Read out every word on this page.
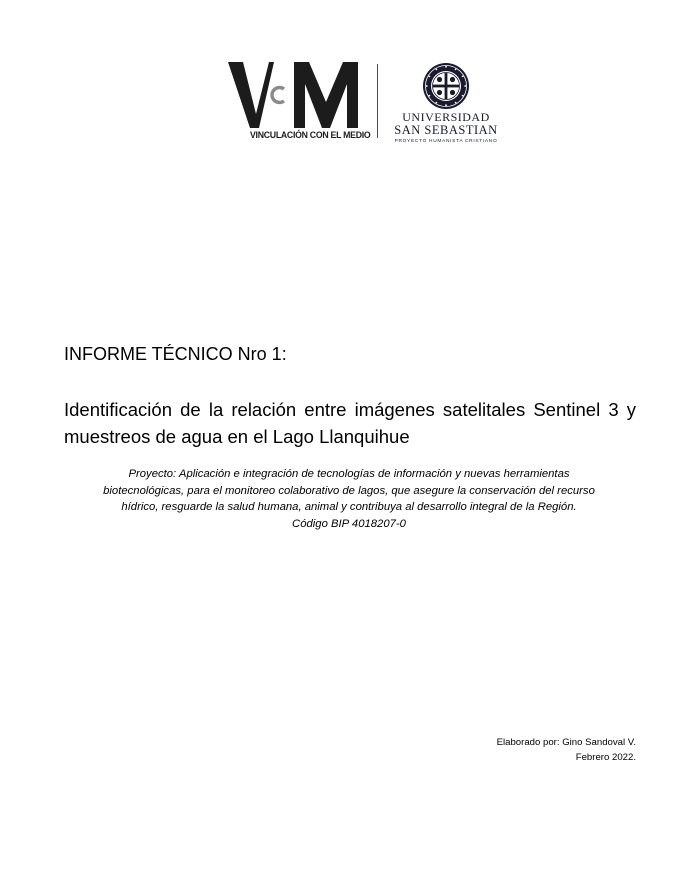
VINCULACIÓN CON EL MEDIO
UNIVERSIDAD
SAN SEBASTIAN
PROYECTO HUMANISTA CRISTIANO
INFORME TÉCNICO Nro 1:
Identificación de la relación entre imágenes satelitales Sentinel 3 y muestreos de agua en el Lago Llanquihue
Proyecto: Aplicación e integración de tecnologías de información y nuevas herramientas
biotecnológicas, para el monitoreo colaborativo de lagos, que asegure la conservación del recurso
hídrico, resguarde la salud humana, animal y contribuya al desarrollo integral de la Región.
Código BIP 4018207-0
Elaborado por: Gino Sandoval V.
Febrero 2022.
